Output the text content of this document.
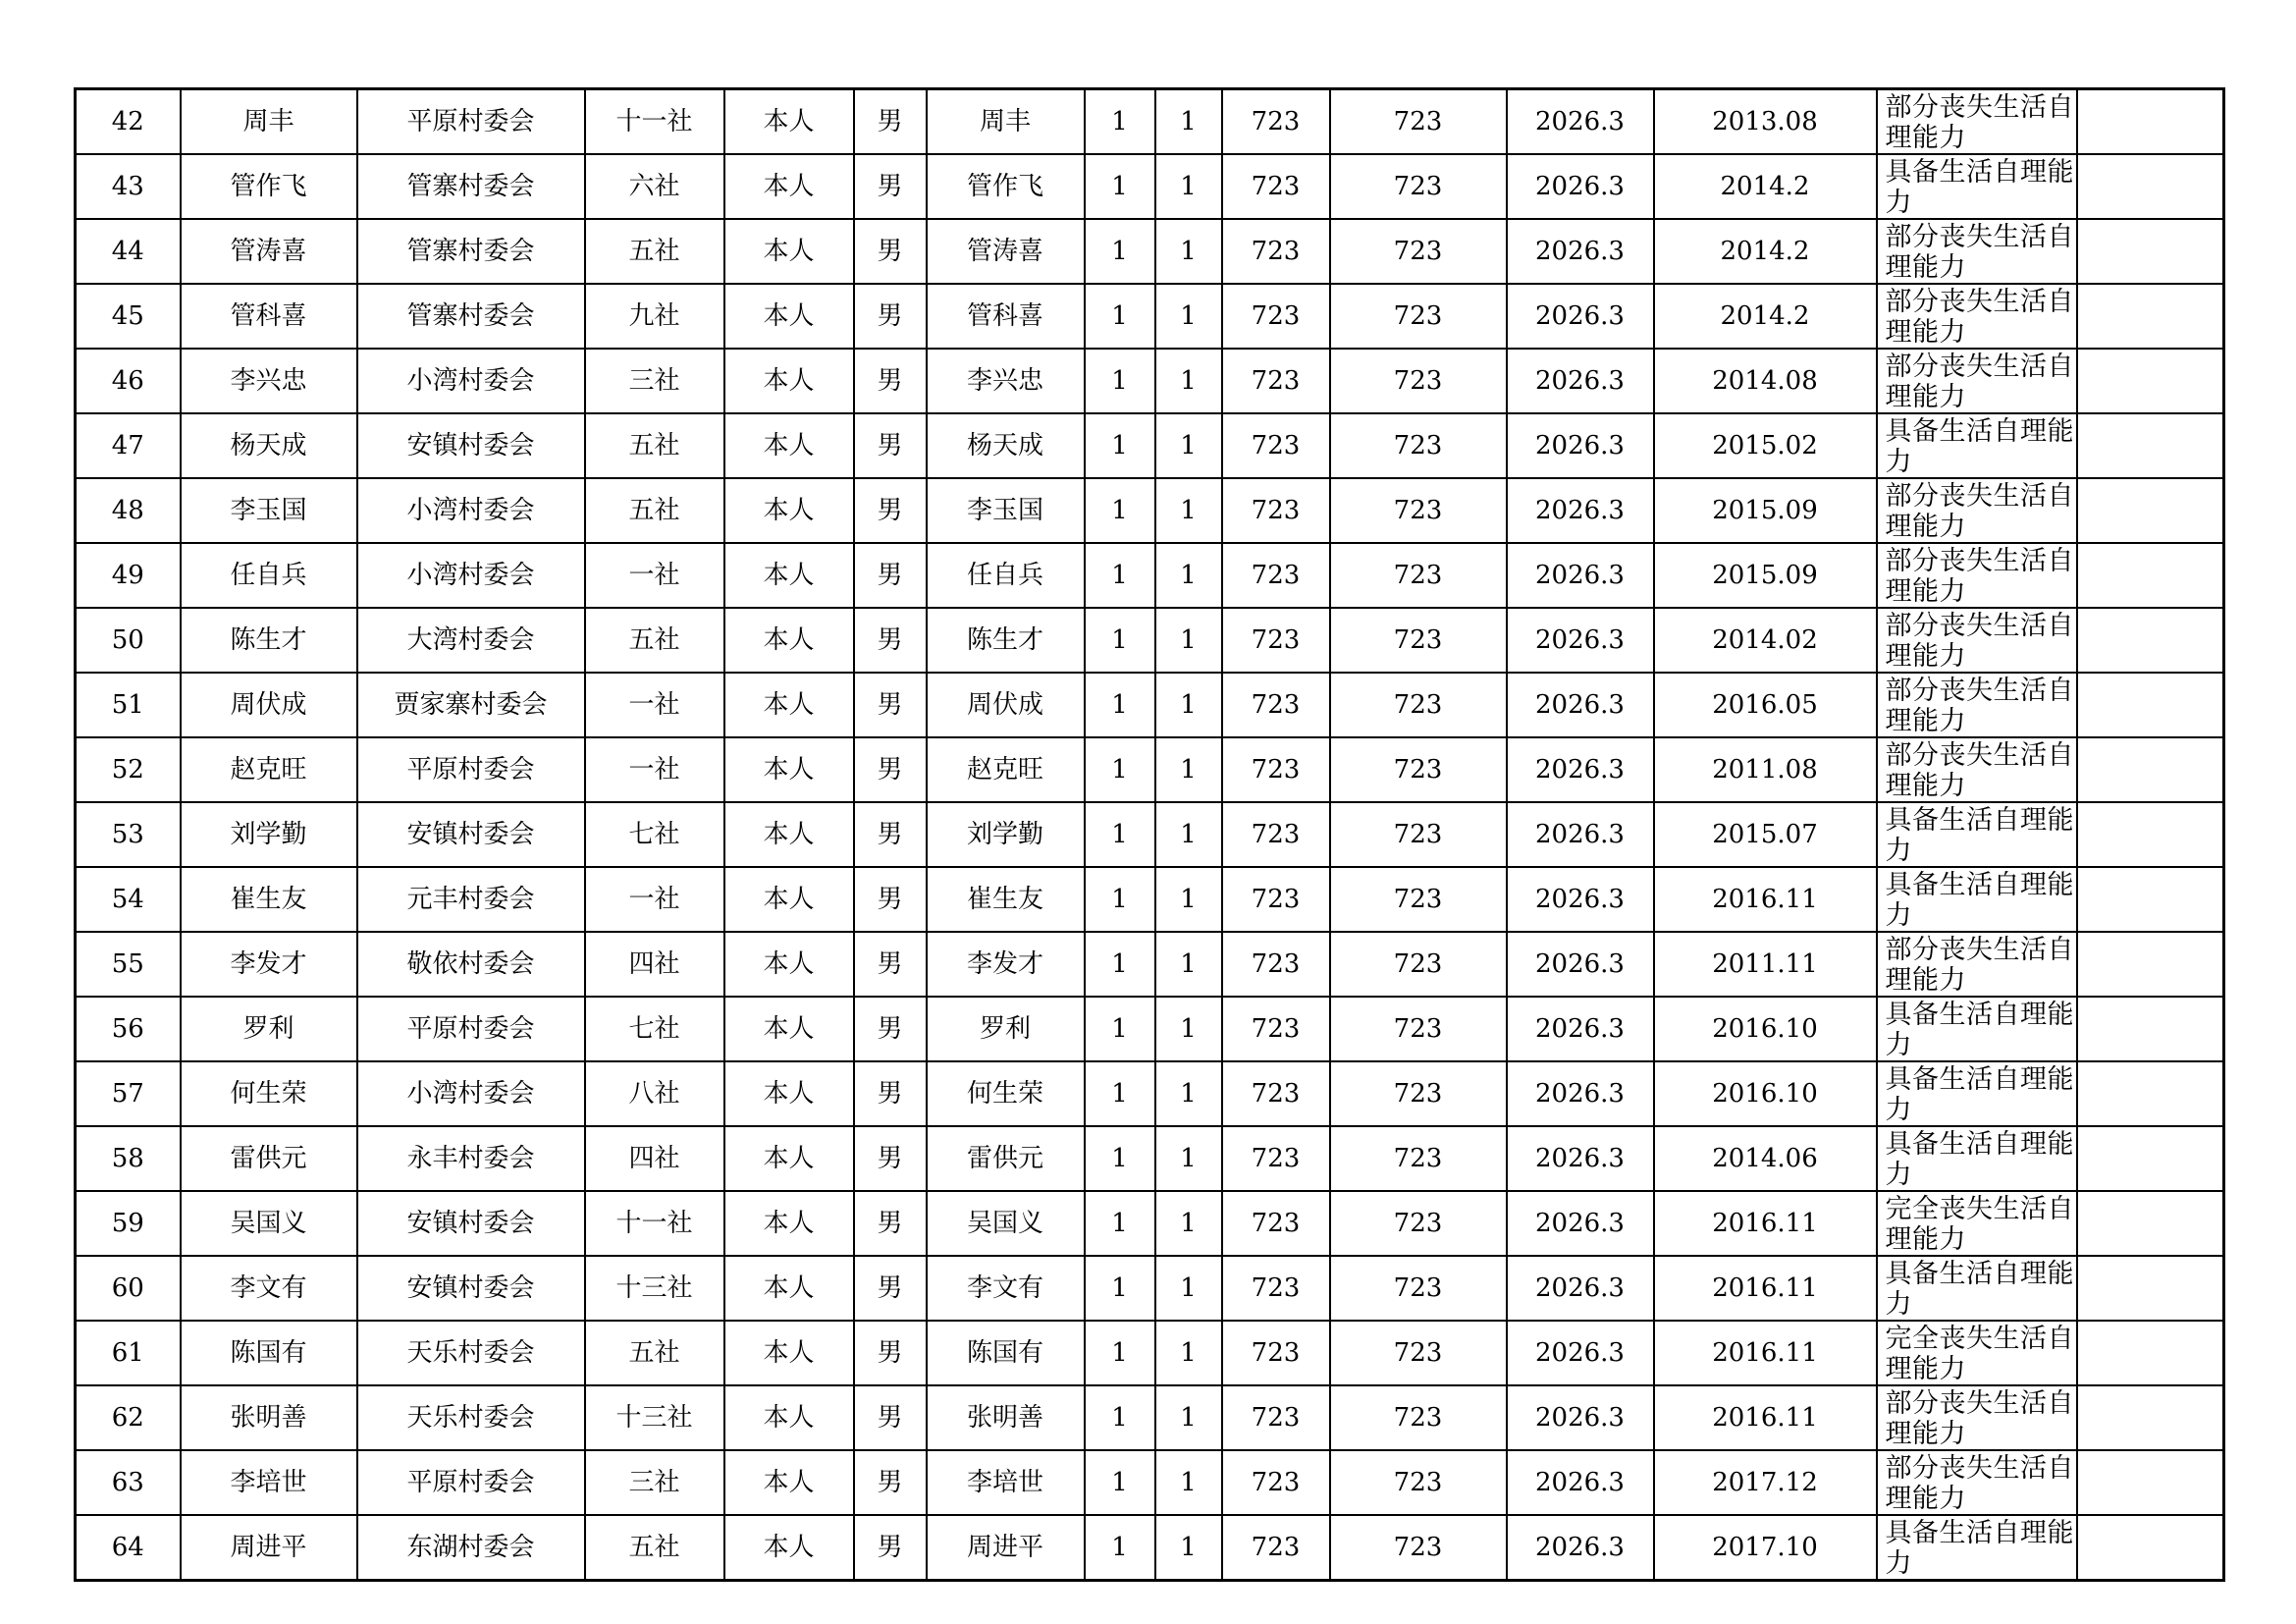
42	周丰	平原村委会	十一社	本人	男	周丰	1	1	723	723	2026.3	2013.08	部分丧失生活自理能力	
43	管作飞	管寨村委会	六社	本人	男	管作飞	1	1	723	723	2026.3	2014.2	具备生活自理能力	
44	管涛喜	管寨村委会	五社	本人	男	管涛喜	1	1	723	723	2026.3	2014.2	部分丧失生活自理能力	
45	管科喜	管寨村委会	九社	本人	男	管科喜	1	1	723	723	2026.3	2014.2	部分丧失生活自理能力	
46	李兴忠	小湾村委会	三社	本人	男	李兴忠	1	1	723	723	2026.3	2014.08	部分丧失生活自理能力	
47	杨天成	安镇村委会	五社	本人	男	杨天成	1	1	723	723	2026.3	2015.02	具备生活自理能力	
48	李玉国	小湾村委会	五社	本人	男	李玉国	1	1	723	723	2026.3	2015.09	部分丧失生活自理能力	
49	任自兵	小湾村委会	一社	本人	男	任自兵	1	1	723	723	2026.3	2015.09	部分丧失生活自理能力	
50	陈生才	大湾村委会	五社	本人	男	陈生才	1	1	723	723	2026.3	2014.02	部分丧失生活自理能力	
51	周伏成	贾家寨村委会	一社	本人	男	周伏成	1	1	723	723	2026.3	2016.05	部分丧失生活自理能力	
52	赵克旺	平原村委会	一社	本人	男	赵克旺	1	1	723	723	2026.3	2011.08	部分丧失生活自理能力	
53	刘学勤	安镇村委会	七社	本人	男	刘学勤	1	1	723	723	2026.3	2015.07	具备生活自理能力	
54	崔生友	元丰村委会	一社	本人	男	崔生友	1	1	723	723	2026.3	2016.11	具备生活自理能力	
55	李发才	敬依村委会	四社	本人	男	李发才	1	1	723	723	2026.3	2011.11	部分丧失生活自理能力	
56	罗利	平原村委会	七社	本人	男	罗利	1	1	723	723	2026.3	2016.10	具备生活自理能力	
57	何生荣	小湾村委会	八社	本人	男	何生荣	1	1	723	723	2026.3	2016.10	具备生活自理能力	
58	雷供元	永丰村委会	四社	本人	男	雷供元	1	1	723	723	2026.3	2014.06	具备生活自理能力	
59	吴国义	安镇村委会	十一社	本人	男	吴国义	1	1	723	723	2026.3	2016.11	完全丧失生活自理能力	
60	李文有	安镇村委会	十三社	本人	男	李文有	1	1	723	723	2026.3	2016.11	具备生活自理能力	
61	陈国有	天乐村委会	五社	本人	男	陈国有	1	1	723	723	2026.3	2016.11	完全丧失生活自理能力	
62	张明善	天乐村委会	十三社	本人	男	张明善	1	1	723	723	2026.3	2016.11	部分丧失生活自理能力	
63	李培世	平原村委会	三社	本人	男	李培世	1	1	723	723	2026.3	2017.12	部分丧失生活自理能力	
64	周进平	东湖村委会	五社	本人	男	周进平	1	1	723	723	2026.3	2017.10	具备生活自理能力	
